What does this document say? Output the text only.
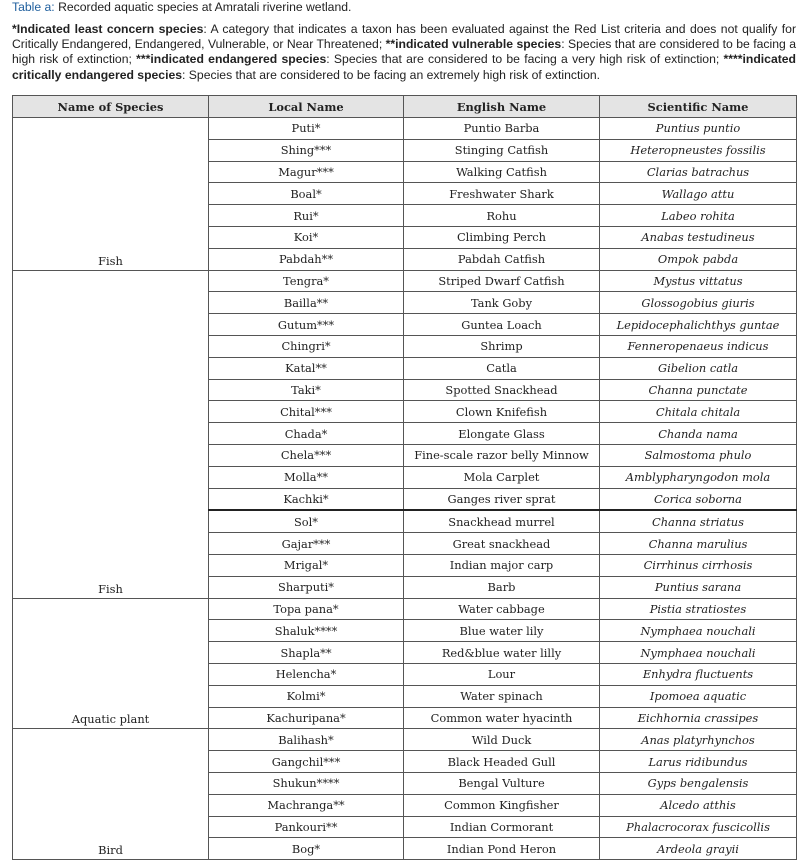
Table a: Recorded aquatic species at Amratali riverine wetland.
*Indicated least concern species: A category that indicates a taxon has been evaluated against the Red List criteria and does not qualify for Critically Endangered, Endangered, Vulnerable, or Near Threatened; **indicated vulnerable species: Species that are considered to be facing a high risk of extinction; ***indicated endangered species: Species that are considered to be facing a very high risk of extinction; ****indicated critically endangered species: Species that are considered to be facing an extremely high risk of extinction.
Name of Species	Local Name	English Name	Scientific Name
Fish	Puti*	Puntio Barba	Puntius puntio
	Shing***	Stinging Catfish	Heteropneustes fossilis
	Magur***	Walking Catfish	Clarias batrachus
	Boal*	Freshwater Shark	Wallago attu
	Rui*	Rohu	Labeo rohita
	Koi*	Climbing Perch	Anabas testudineus
	Pabdah**	Pabdah Catfish	Ompok pabda
Fish	Tengra*	Striped Dwarf Catfish	Mystus vittatus
	Bailla**	Tank Goby	Glossogobius giuris
	Gutum***	Guntea Loach	Lepidocephalichthys guntae
	Chingri*	Shrimp	Fenneropenaeus indicus
	Katal**	Catla	Gibelion catla
	Taki*	Spotted Snackhead	Channa punctate
	Chital***	Clown Knifefish	Chitala chitala
	Chada*	Elongate Glass	Chanda nama
	Chela***	Fine-scale razor belly Minnow	Salmostoma phulo
	Molla**	Mola Carplet	Amblypharyngodon mola
	Kachki*	Ganges river sprat	Corica soborna
	Sol*	Snackhead murrel	Channa striatus
	Gajar***	Great snackhead	Channa marulius
	Mrigal*	Indian major carp	Cirrhinus cirrhosis
	Sharputi*	Barb	Puntius sarana
Aquatic plant	Topa pana*	Water cabbage	Pistia stratiostes
	Shaluk****	Blue water lily	Nymphaea nouchali
	Shapla**	Red&blue water lilly	Nymphaea nouchali
	Helencha*	Lour	Enhydra fluctuents
	Kolmi*	Water spinach	Ipomoea aquatic
	Kachuripana*	Common water hyacinth	Eichhornia crassipes
Bird	Balihash*	Wild Duck	Anas platyrhynchos
	Gangchil***	Black Headed Gull	Larus ridibundus
	Shukun****	Bengal Vulture	Gyps bengalensis
	Machranga**	Common Kingfisher	Alcedo atthis
	Pankouri**	Indian Cormorant	Phalacrocorax fuscicollis
	Bog*	Indian Pond Heron	Ardeola grayii
